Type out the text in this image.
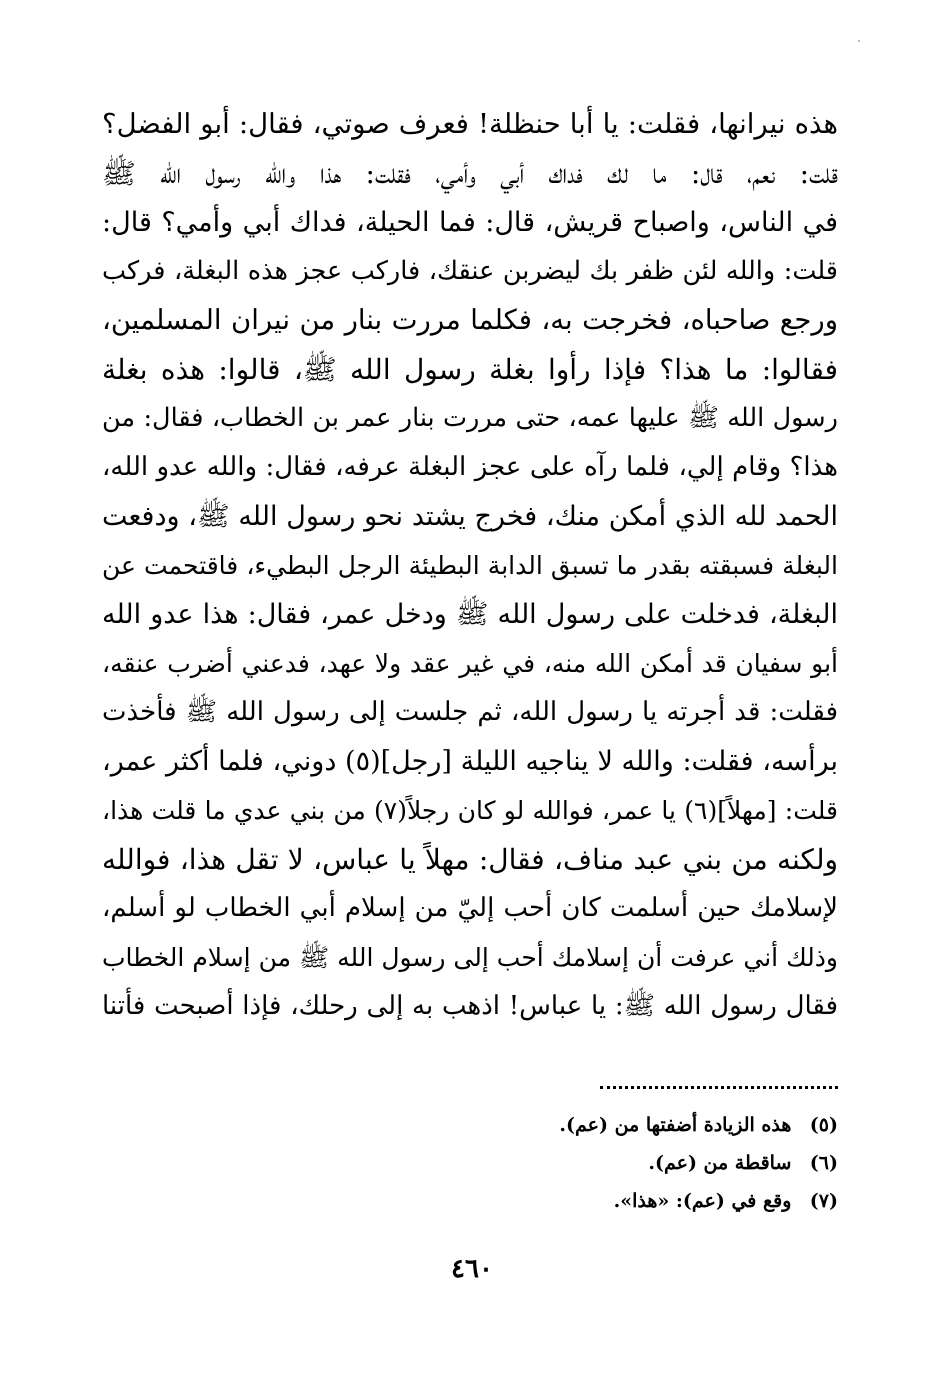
هذه نيرانها، فقلت: يا أبا حنظلة! فعرف صوتي، فقال: أبو الفضل؟
قلت: نعم، قال: ما لك فداك أبي وأمي، فقلت: هذا والله رسول الله ﷺ
في الناس، واصباح قريش، قال: فما الحيلة، فداك أبي وأمي؟ قال:
قلت: والله لئن ظفر بك ليضربن عنقك، فاركب عجز هذه البغلة، فركب
ورجع صاحباه، فخرجت به، فكلما مررت بنار من نيران المسلمين،
فقالوا: ما هذا؟ فإذا رأوا بغلة رسول الله ﷺ، قالوا: هذه بغلة
رسول الله ﷺ عليها عمه، حتى مررت بنار عمر بن الخطاب، فقال: من
هذا؟ وقام إلي، فلما رآه على عجز البغلة عرفه، فقال: والله عدو الله،
الحمد لله الذي أمكن منك، فخرج يشتد نحو رسول الله ﷺ، ودفعت
البغلة فسبقته بقدر ما تسبق الدابة البطيئة الرجل البطيء، فاقتحمت عن
البغلة، فدخلت على رسول الله ﷺ ودخل عمر، فقال: هذا عدو الله
أبو سفيان قد أمكن الله منه، في غير عقد ولا عهد، فدعني أضرب عنقه،
فقلت: قد أجرته يا رسول الله، ثم جلست إلى رسول الله ﷺ فأخذت
برأسه، فقلت: والله لا يناجيه الليلة [رجل](٥) دوني، فلما أكثر عمر،
قلت: [مهلاً](٦) يا عمر، فوالله لو كان رجلاً(٧) من بني عدي ما قلت هذا،
ولكنه من بني عبد مناف، فقال: مهلاً يا عباس، لا تقل هذا، فوالله
لإسلامك حين أسلمت كان أحب إليّ من إسلام أبي الخطاب لو أسلم،
وذلك أني عرفت أن إسلامك أحب إلى رسول الله ﷺ من إسلام الخطاب
فقال رسول الله ﷺ: يا عباس! اذهب به إلى رحلك، فإذا أصبحت فأتنا
(٥) هذه الزيادة أضفتها من (عم).
(٦) ساقطة من (عم).
(٧) وقع في (عم): «هذا».
٤٦٠
